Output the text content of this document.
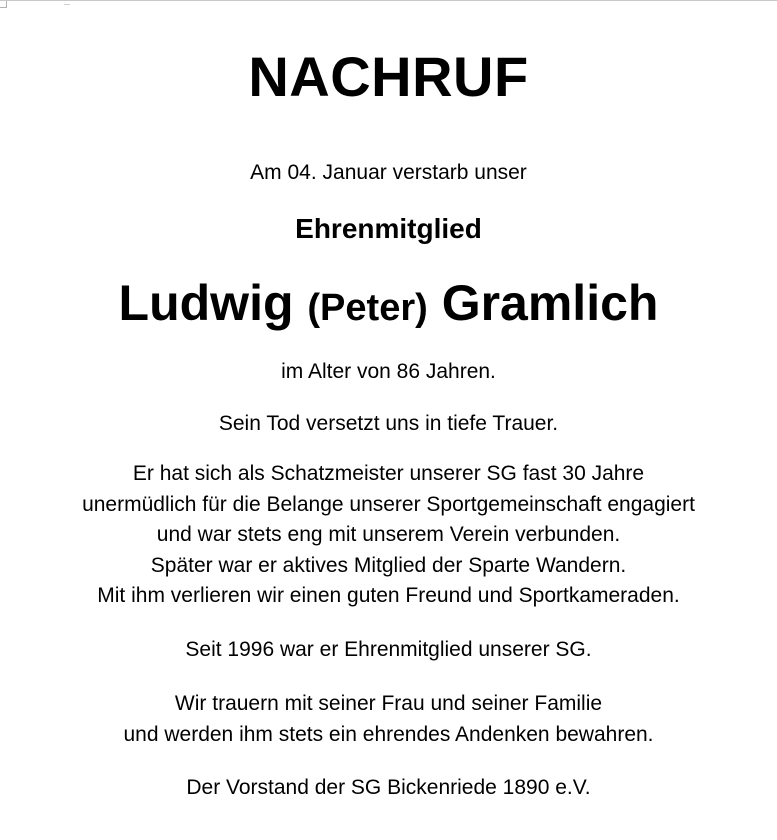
NACHRUF
Am 04. Januar verstarb unser
Ehrenmitglied
Ludwig (Peter) Gramlich
im Alter von 86 Jahren.
Sein Tod versetzt uns in tiefe Trauer.
Er hat sich als Schatzmeister unserer SG fast 30 Jahre
unermüdlich für die Belange unserer Sportgemeinschaft engagiert
und war stets eng mit unserem Verein verbunden.
Später war er aktives Mitglied der Sparte Wandern.
Mit ihm verlieren wir einen guten Freund und Sportkameraden.
Seit 1996 war er Ehrenmitglied unserer SG.
Wir trauern mit seiner Frau und seiner Familie
und werden ihm stets ein ehrendes Andenken bewahren.
Der Vorstand der SG Bickenriede 1890 e.V.
